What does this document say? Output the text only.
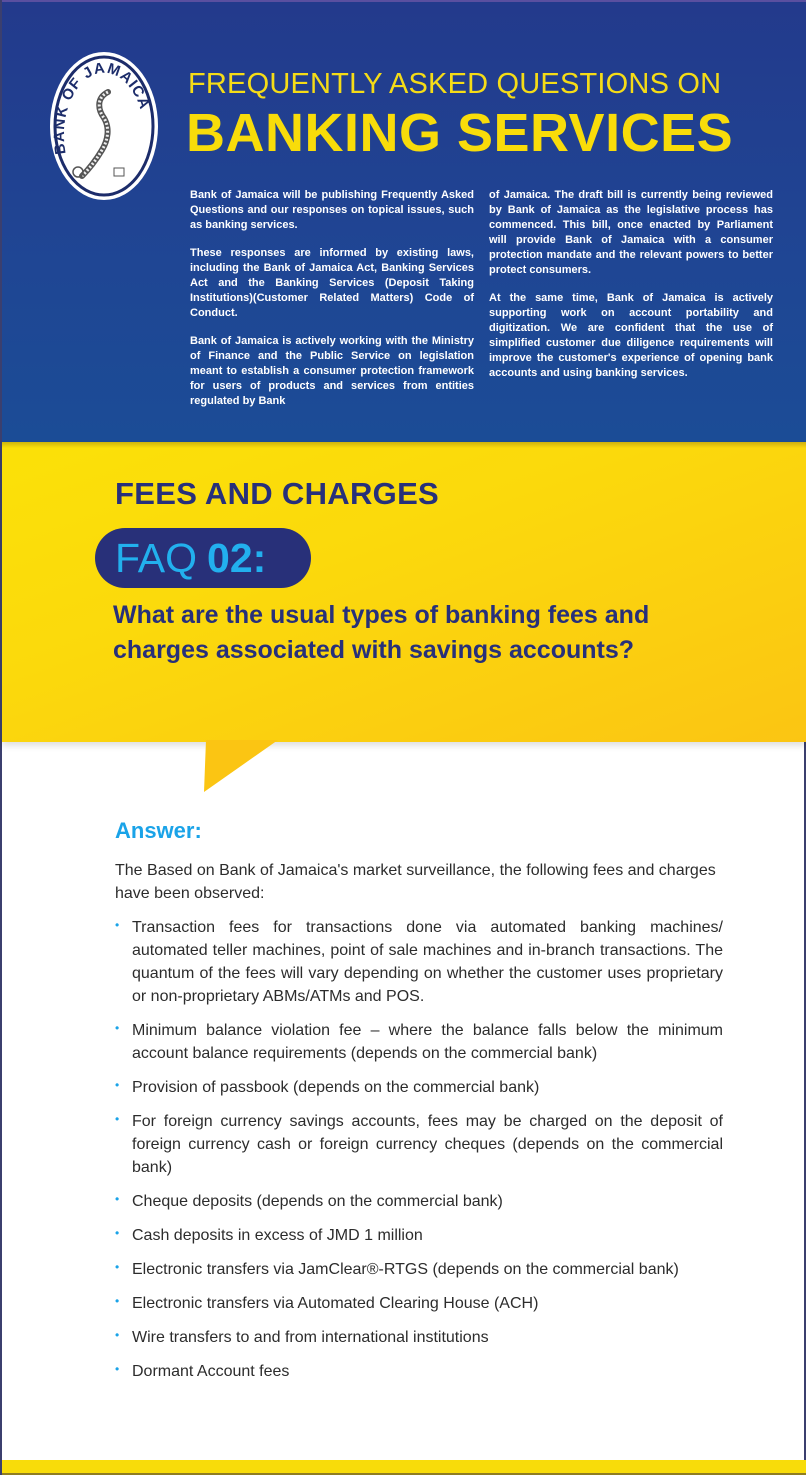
BANK OF JAMAICA
FREQUENTLY ASKED QUESTIONS ON
BANKING SERVICES

Bank of Jamaica will be publishing Frequently Asked Questions and our responses on topical issues, such as banking services.

These responses are informed by existing laws, including the Bank of Jamaica Act, Banking Services Act and the Banking Services (Deposit Taking Institutions)(Customer Related Matters) Code of Conduct.

Bank of Jamaica is actively working with the Ministry of Finance and the Public Service on legislation meant to establish a consumer protection framework for users of products and services from entities regulated by Bank

of Jamaica. The draft bill is currently being reviewed by Bank of Jamaica as the legislative process has commenced. This bill, once enacted by Parliament will provide Bank of Jamaica with a consumer protection mandate and the relevant powers to better protect consumers.

At the same time, Bank of Jamaica is actively supporting work on account portability and digitization. We are confident that the use of simplified customer due diligence requirements will improve the customer's experience of opening bank accounts and using banking services.

FEES AND CHARGES
FAQ 02:
What are the usual types of banking fees and charges associated with savings accounts?
Answer:
The Based on Bank of Jamaica's market surveillance, the following fees and charges have been observed:
• Transaction fees for transactions done via automated banking machines/ automated teller machines, point of sale machines and in-branch transactions. The quantum of the fees will vary depending on whether the customer uses proprietary or non-proprietary ABMs/ATMs and POS.
• Minimum balance violation fee – where the balance falls below the minimum account balance requirements (depends on the commercial bank)
• Provision of passbook (depends on the commercial bank)
• For foreign currency savings accounts, fees may be charged on the deposit of foreign currency cash or foreign currency cheques (depends on the commercial bank)
• Cheque deposits (depends on the commercial bank)
• Cash deposits in excess of JMD 1 million
• Electronic transfers via JamClear®-RTGS (depends on the commercial bank)
• Electronic transfers via Automated Clearing House (ACH)
• Wire transfers to and from international institutions
• Dormant Account fees
